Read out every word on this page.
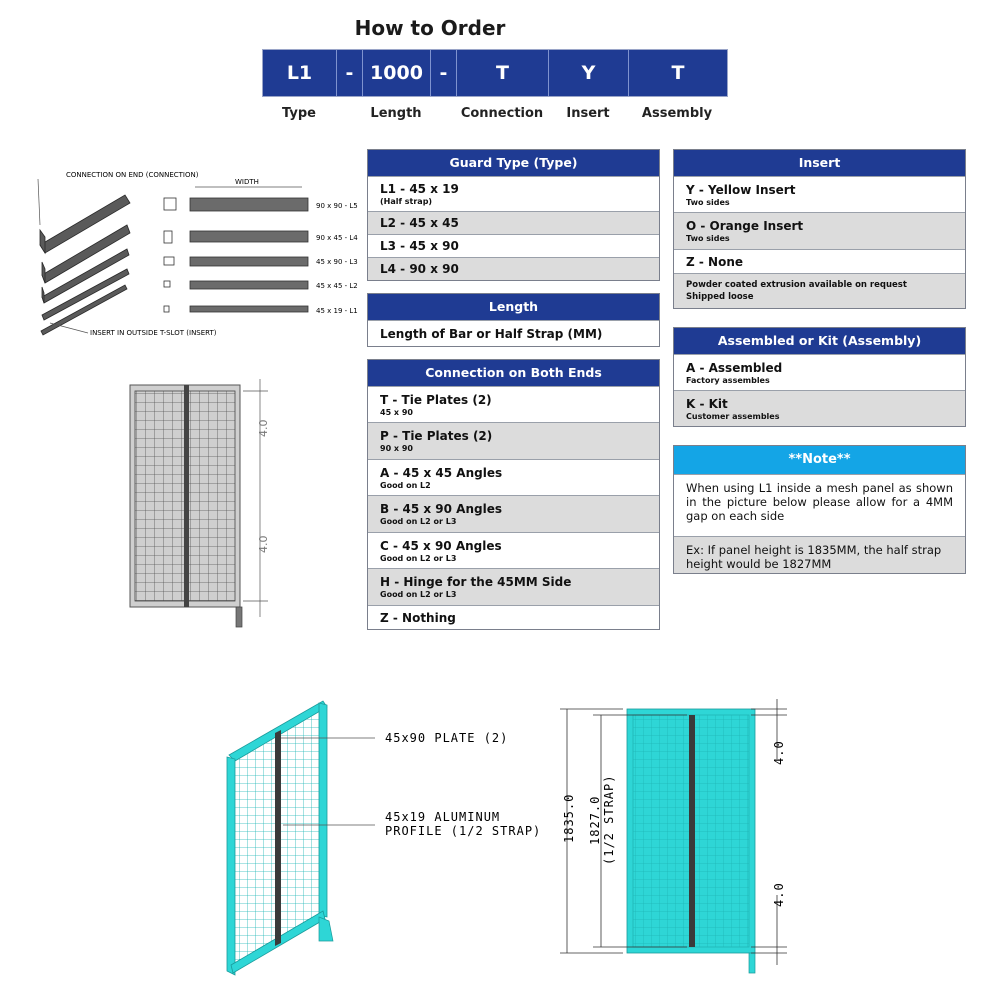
How to Order
L1	- 1000 -	T	Y	T
Type	Length	Connection	Insert	Assembly
Guard Type (Type)
L1 - 45 x 19
(Half strap)
L2 - 45 x 45
L3 - 45 x 90
L4 - 90 x 90
Length
Length of Bar or Half Strap (MM)
Connection on Both Ends
T - Tie Plates (2)
45 x 90
P - Tie Plates (2)
90 x 90
A - 45 x 45 Angles
Good on L2
B - 45 x 90 Angles
Good on L2 or L3
C - 45 x 90 Angles
Good on L2 or L3
H - Hinge for the 45MM Side
Good on L2 or L3
Z - Nothing
Insert
Y - Yellow Insert
Two sides
O - Orange Insert
Two sides
Z - None
Powder coated extrusion available on request
Shipped loose
Assembled or Kit (Assembly)
A - Assembled
Factory assembles
K - Kit
Customer assembles
**Note**
When using L1 inside a mesh panel as shown in the picture below please allow for a 4MM gap on each side
Ex: If panel height is 1835MM, the half strap height would be 1827MM
CONNECTION ON END (CONNECTION)
INSERT IN OUTSIDE T-SLOT (INSERT)
WIDTH
90 x 90 - L5
90 x 45 - L4
45 x 90 - L3
45 x 45 - L2
45 x 19 - L1
4.0
4.0
45x90 PLATE (2)
45x19 ALUMINUM
PROFILE (1/2 STRAP) 1835.0 1827.0 (1/2 STRAP)
4.0
4.0
